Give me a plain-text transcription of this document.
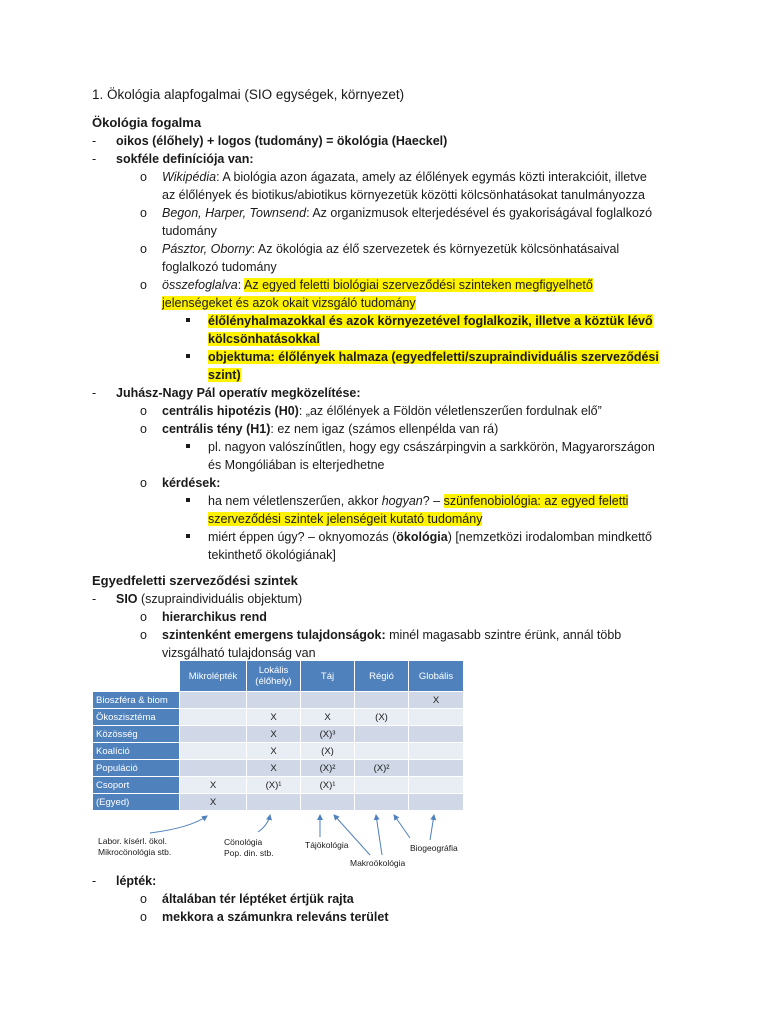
1. Ökológia alapfogalmai (SIO egységek, környezet)
Ökológia fogalma
- oikos (élőhely) + logos (tudomány) = ökológia (Haeckel)
- sokféle definíciója van:
o Wikipédia: A biológia azon ágazata, amely az élőlények egymás közti interakcióit, illetve
az élőlények és biotikus/abiotikus környezetük közötti kölcsönhatásokat tanulmányozza
o Begon, Harper, Townsend: Az organizmusok elterjedésével és gyakoriságával foglalkozó
tudomány
o Pásztor, Oborny: Az ökológia az élő szervezetek és környezetük kölcsönhatásaival
foglalkozó tudomány
o összefoglalva: Az egyed feletti biológiai szerveződési szinteken megfigyelhető
jelenségeket és azok okait vizsgáló tudomány
élőlényhalmazokkal és azok környezetével foglalkozik, illetve a köztük lévő
kölcsönhatásokkal
objektuma: élőlények halmaza (egyedfeletti/szupraindividuális szerveződési
szint)
- Juhász-Nagy Pál operatív megközelítése:
o centrális hipotézis (H0): „az élőlények a Földön véletlenszerűen fordulnak elő”
o centrális tény (H1): ez nem igaz (számos ellenpélda van rá)
pl. nagyon valószínűtlen, hogy egy császárpingvin a sarkkörön, Magyarországon
és Mongóliában is elterjedhetne
o kérdések:
ha nem véletlenszerűen, akkor hogyan? – szünfenobiológia: az egyed feletti
szerveződési szintek jelenségeit kutató tudomány
miért éppen úgy? – oknyomozás (ökológia) [nemzetközi irodalomban mindkettő
tekinthető ökológiának]
Egyedfeletti szerveződési szintek
- SIO (szupraindividuális objektum)
o hierarchikus rend
o szintenként emergens tulajdonságok: minél magasabb szintre érünk, annál több
vizsgálható tulajdonság van
	Mikrolépték	Lokális
(élőhely)	Táj	Régió	Globális
Bioszféra & biom					X
Ökoszisztéma		X	X	(X)	
Közösség		X	(X)³		
Koalíció		X	(X)		
Populáció		X	(X)²	(X)²	
Csoport	X	(X)¹	(X)¹		
(Egyed)	X				
Labor. kísérl. ökol.
Mikrocönológia stb.
Cönológia
Pop. din. stb.
Tájökológia
Makroökológia
Biogeográfia
- lépték:
o általában tér léptéket értjük rajta
o mekkora a számunkra releváns terület
